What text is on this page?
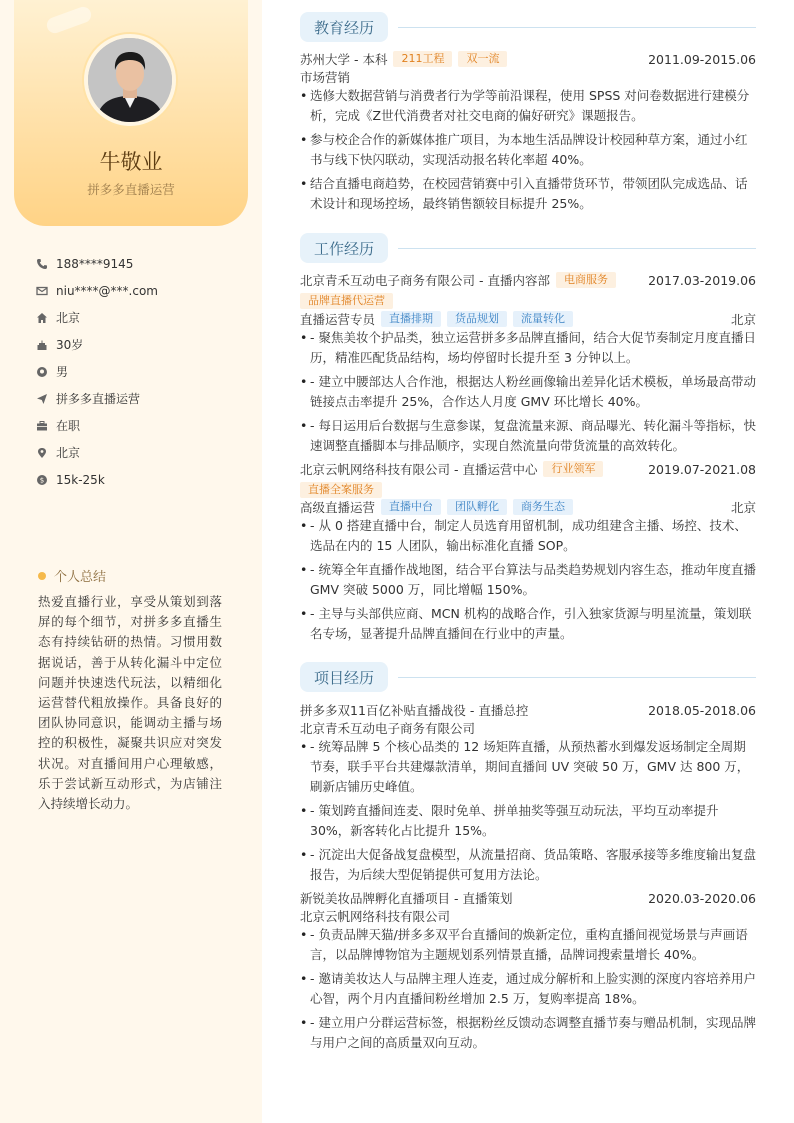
牛敬业
拼多多直播运营
188****9145
niu****@***.com
北京
30岁
男
拼多多直播运营
在职
北京
$ 15k-25k
个人总结
热爱直播行业，享受从策划到落屏的每个细节，对拼多多直播生态有持续钻研的热情。习惯用数据说话，善于从转化漏斗中定位问题并快速迭代玩法，以精细化运营替代粗放操作。具备良好的团队协同意识，能调动主播与场控的积极性，凝聚共识应对突发状况。对直播间用户心理敏感，乐于尝试新互动形式，为店铺注入持续增长动力。
教育经历
苏州大学 - 本科	211工程	双一流	2011.09-2015.06
市场营销
• 选修大数据营销与消费者行为学等前沿课程，使用 SPSS 对问卷数据进行建模分析，完成《Z世代消费者对社交电商的偏好研究》课题报告。
• 参与校企合作的新媒体推广项目，为本地生活品牌设计校园种草方案，通过小红书与线下快闪联动，实现活动报名转化率超 40%。
• 结合直播电商趋势，在校园营销赛中引入直播带货环节，带领团队完成选品、话术设计和现场控场，最终销售额较目标提升 25%。
工作经历
北京青禾互动电子商务有限公司 - 直播内容部	电商服务	2017.03-2019.06
品牌直播代运营
直播运营专员	直播排期	货品规划	流量转化	北京
• - 聚焦美妆个护品类，独立运营拼多多品牌直播间，结合大促节奏制定月度直播日历，精准匹配货品结构，场均停留时长提升至 3 分钟以上。
• - 建立中腰部达人合作池，根据达人粉丝画像输出差异化话术模板，单场最高带动链接点击率提升 25%，合作达人月度 GMV 环比增长 40%。
• - 每日运用后台数据与生意参谋，复盘流量来源、商品曝光、转化漏斗等指标，快速调整直播脚本与排品顺序，实现自然流量向带货流量的高效转化。
北京云帆网络科技有限公司 - 直播运营中心	行业领军	2019.07-2021.08
直播全案服务
高级直播运营	直播中台	团队孵化	商务生态	北京
• - 从 0 搭建直播中台，制定人员选育用留机制，成功组建含主播、场控、技术、选品在内的 15 人团队，输出标准化直播 SOP。
• - 统筹全年直播作战地图，结合平台算法与品类趋势规划内容生态，推动年度直播 GMV 突破 5000 万，同比增幅 150%。
• - 主导与头部供应商、MCN 机构的战略合作，引入独家货源与明星流量，策划联名专场，显著提升品牌直播间在行业中的声量。
项目经历
拼多多双11百亿补贴直播战役 - 直播总控	2018.05-2018.06
北京青禾互动电子商务有限公司
• - 统筹品牌 5 个核心品类的 12 场矩阵直播，从预热蓄水到爆发返场制定全周期节奏，联手平台共建爆款清单，期间直播间 UV 突破 50 万，GMV 达 800 万，刷新店铺历史峰值。
• - 策划跨直播间连麦、限时免单、拼单抽奖等强互动玩法，平均互动率提升 30%，新客转化占比提升 15%。
• - 沉淀出大促备战复盘模型，从流量招商、货品策略、客服承接等多维度输出复盘报告，为后续大型促销提供可复用方法论。
新锐美妆品牌孵化直播项目 - 直播策划	2020.03-2020.06
北京云帆网络科技有限公司
• - 负责品牌天猫/拼多多双平台直播间的焕新定位，重构直播间视觉场景与声画语言，以品牌博物馆为主题规划系列情景直播，品牌词搜索量增长 40%。
• - 邀请美妆达人与品牌主理人连麦，通过成分解析和上脸实测的深度内容培养用户心智，两个月内直播间粉丝增加 2.5 万，复购率提高 18%。
• - 建立用户分群运营标签，根据粉丝反馈动态调整直播节奏与赠品机制，实现品牌与用户之间的高质量双向互动。
